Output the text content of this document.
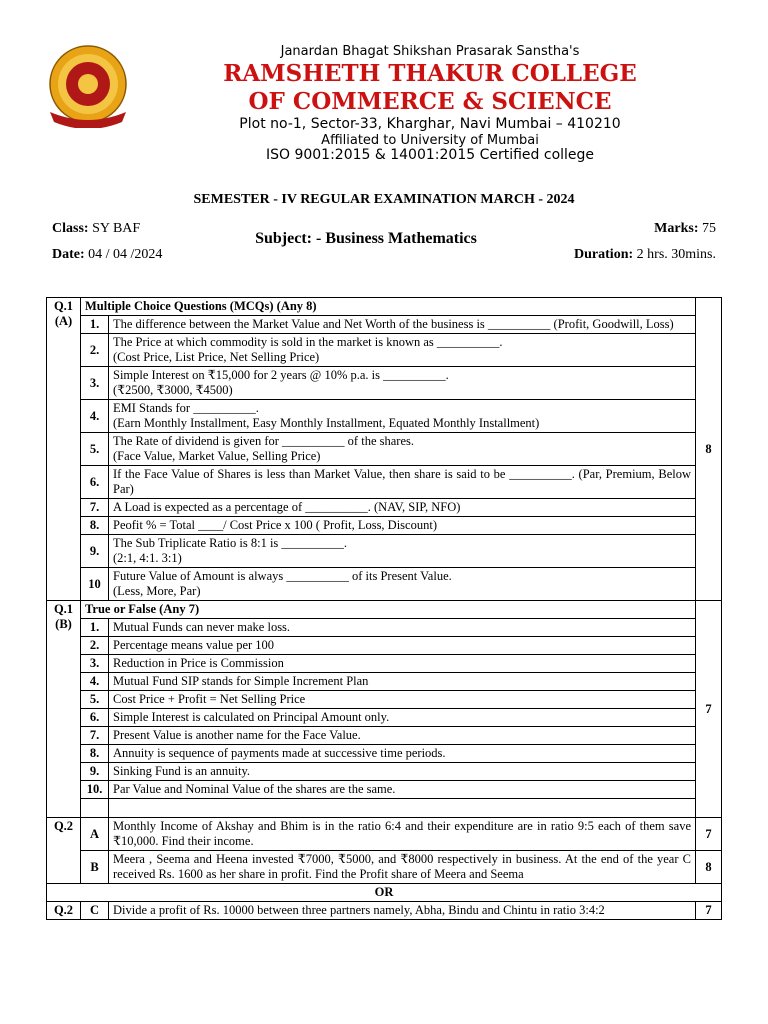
Janardan Bhagat Shikshan Prasarak Sanstha's
RAMSHETH THAKUR COLLEGE
OF COMMERCE & SCIENCE
Plot no-1, Sector-33, Kharghar, Navi Mumbai – 410210
Affiliated to University of Mumbai
ISO 9001:2015 & 14001:2015 Certified college
SEMESTER - IV REGULAR EXAMINATION MARCH - 2024
Class: SY BAF
Date: 04 / 04 /2024
Subject: - Business Mathematics
Marks: 75
Duration: 2 hrs. 30mins.
Q.1 (A)	Multiple Choice Questions (MCQs) (Any 8)		8
	1.	The difference between the Market Value and Net Worth of the business is __________ (Profit, Goodwill, Loss)	
	2.	The Price at which commodity is sold in the market is known as __________.
(Cost Price, List Price, Net Selling Price)	
	3.	Simple Interest on ₹15,000 for 2 years @ 10% p.a. is __________.
(₹2500, ₹3000, ₹4500)	
	4.	EMI Stands for __________.
(Earn Monthly Installment, Easy Monthly Installment, Equated Monthly Installment)	
	5.	The Rate of dividend is given for __________ of the shares.
(Face Value, Market Value, Selling Price)	
	6.	If the Face Value of Shares is less than Market Value, then share is said to be __________. (Par, Premium, Below Par)	
	7.	A Load is expected as a percentage of __________. (NAV, SIP, NFO)	
	8.	Peofit % = Total ____/ Cost Price x 100 ( Profit, Loss, Discount)	
	9.	The Sub Triplicate Ratio is 8:1 is __________.
(2:1, 4:1. 3:1)	
	10	Future Value of Amount is always __________ of its Present Value.
(Less, More, Par)	
Q.1 (B)	True or False (Any 7)		7
	1.	Mutual Funds can never make loss.	
	2.	Percentage means value per 100	
	3.	Reduction in Price is Commission	
	4.	Mutual Fund SIP stands for Simple Increment Plan	
	5.	Cost Price + Profit = Net Selling Price	
	6.	Simple Interest is calculated on Principal Amount only.	
	7.	Present Value is another name for the Face Value.	
	8.	Annuity is sequence of payments made at successive time periods.	
	9.	Sinking Fund is an annuity.	
	10.	Par Value and Nominal Value of the shares are the same.	

Q.2	A	Monthly Income of Akshay and Bhim is in the ratio 6:4 and their expenditure are in ratio 9:5 each of them save ₹10,000. Find their income.	7
	B	Meera , Seema and Heena invested ₹7000, ₹5000, and ₹8000 respectively in business. At the end of the year C received Rs. 1600 as her share in profit. Find the Profit share of Meera and Seema	8
OR			
Q.2	C	Divide a profit of Rs. 10000 between three partners namely, Abha, Bindu and Chintu in ratio 3:4:2	7
